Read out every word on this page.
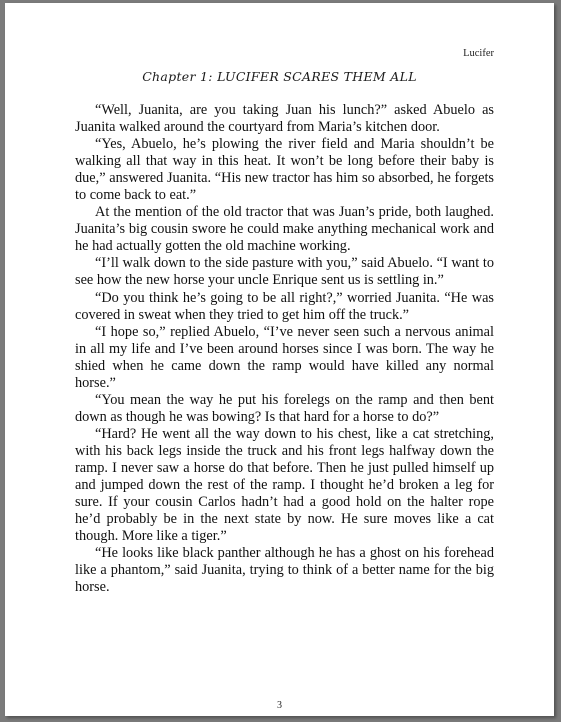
Lucifer
Chapter 1: LUCIFER SCARES THEM ALL

“Well, Juanita, are you taking Juan his lunch?” asked Abuelo as Juanita walked around the courtyard from Maria’s kitchen door.

“Yes, Abuelo, he’s plowing the river field and Maria shouldn’t be walking all that way in this heat. It won’t be long before their baby is due,” answered Juanita. “His new tractor has him so absorbed, he forgets to come back to eat.”

At the mention of the old tractor that was Juan’s pride, both laughed. Juanita’s big cousin swore he could make anything mechanical work and he had actually gotten the old machine working.

“I’ll walk down to the side pasture with you,” said Abuelo. “I want to see how the new horse your uncle Enrique sent us is settling in.”

“Do you think he’s going to be all right?,” worried Juanita. “He was covered in sweat when they tried to get him off the truck.”

“I hope so,” replied Abuelo, “I’ve never seen such a nervous animal in all my life and I’ve been around horses since I was born. The way he shied when he came down the ramp would have killed any normal horse.”

“You mean the way he put his forelegs on the ramp and then bent down as though he was bowing? Is that hard for a horse to do?”

“Hard? He went all the way down to his chest, like a cat stretching, with his back legs inside the truck and his front legs halfway down the ramp. I never saw a horse do that before. Then he just pulled himself up and jumped down the rest of the ramp. I thought he’d broken a leg for sure. If your cousin Carlos hadn’t had a good hold on the halter rope he’d probably be in the next state by now. He sure moves like a cat though. More like a tiger.”

“He looks like black panther although he has a ghost on his forehead like a phantom,” said Juanita, trying to think of a better name for the big horse.

3
